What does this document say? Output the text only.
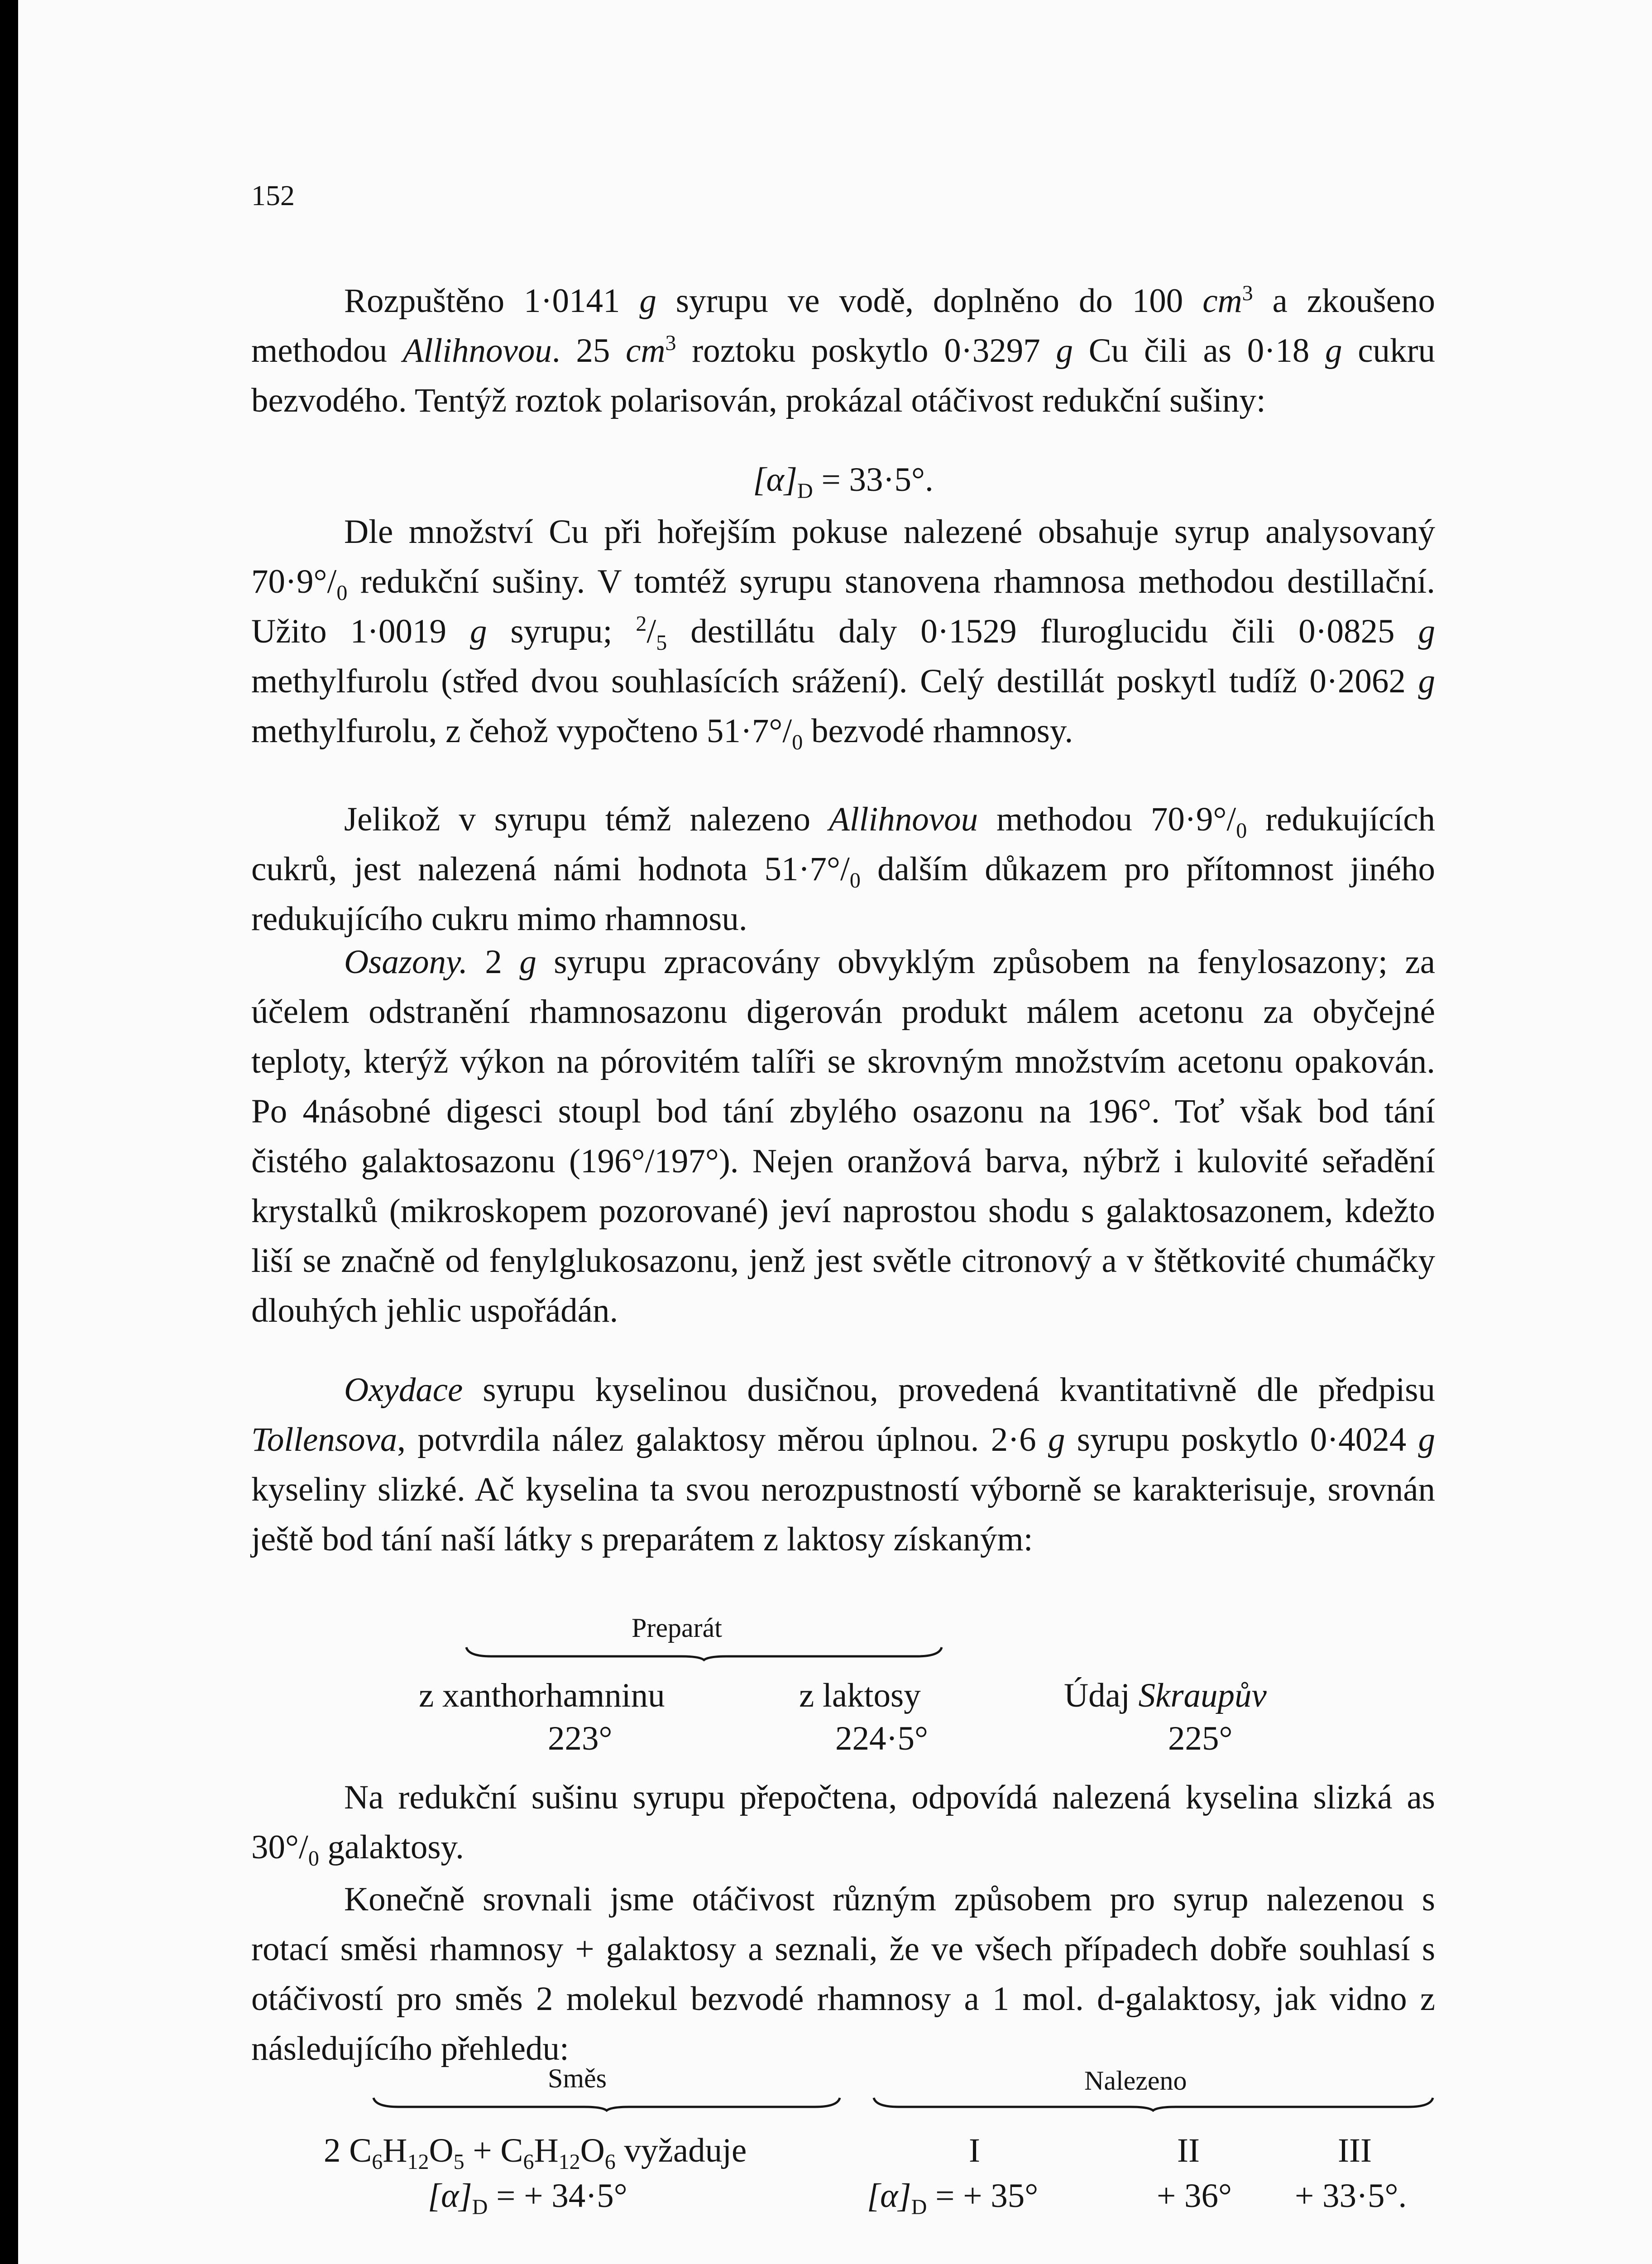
152

Rozpuštěno 1·0141 g syrupu ve vodě, doplněno do 100 $cm^3$ a zkoušeno methodou Allihnovou. 25 $cm^3$ roztoku poskytlo 0·3297 g Cu čili as 0·18 g cukru bezvodého. Tentýž roztok polarisován, prokázal otáčivost redukční sušiny:

$[\alpha]_D = 33\cdot 5^\circ$.

Dle množství Cu při hořejším pokuse nalezené obsahuje syrup analysovaný $70\cdot 9^\circ/_0$ redukční sušiny. V tomtéž syrupu stanovena rhamnosa methodou destillační. Užito 1·0019 g syrupu; $^2/_5$ destillátu daly 0·1529 fluroglucidu čili 0·0825 g methylfurolu (střed dvou souhlasících srážení). Celý destillát poskytl tudíž 0·2062 g methylfurolu, z čehož vypočteno $51\cdot 7^\circ/_0$ bezvodé rhamnosy.

Jelikož v syrupu témž nalezeno Allihnovou methodou $70\cdot 9^\circ/_0$ redukujících cukrů, jest nalezená námi hodnota $51\cdot 7^\circ/_0$ dalším důkazem pro přítomnost jiného redukujícího cukru mimo rhamnosu.

Osazony. 2 g syrupu zpracovány obvyklým způsobem na fenylosazony; za účelem odstranění rhamnosazonu digerován produkt málem acetonu za obyčejné teploty, kterýž výkon na pórovitém talíři se skrovným množstvím acetonu opakován. Po 4násobné digesci stoupl bod tání zbylého osazonu na 196°. Toť však bod tání čistého galaktosazonu (196°/197°). Nejen oranžová barva, nýbrž i kulovité seřadění krystalků (mikroskopem pozorované) jeví naprostou shodu s galaktosazonem, kdežto liší se značně od fenylglukosazonu, jenž jest světle citronový a v štětkovité chumáčky dlouhých jehlic uspořádán.

Oxydace syrupu kyselinou dusičnou, provedená kvantitativně dle předpisu Tollensova, potvrdila nález galaktosy měrou úplnou. 2·6 g syrupu poskytlo 0·4024 g kyseliny slizké. Ač kyselina ta svou nerozpustností výborně se karakterisuje, srovnán ještě bod tání naší látky s preparátem z laktosy získaným:

Preparát
z xanthorhamninu	z laktosy	Údaj Skraupův
223°	224·5°	225°

Na redukční sušinu syrupu přepočtena, odpovídá nalezená kyselina slizká as $30^\circ/_0$ galaktosy.

Konečně srovnali jsme otáčivost různým způsobem pro syrup nalezenou s rotací směsi rhamnosy + galaktosy a seznali, že ve všech případech dobře souhlasí s otáčivostí pro směs 2 molekul bezvodé rhamnosy a 1 mol. d-galaktosy, jak vidno z následujícího přehledu:

Směs	Nalezeno
2 $C_6H_{12}O_5 + C_6H_{12}O_6$ vyžaduje	I	II	III
$[\alpha]_D$ = + 34·5°	$[\alpha]_D$ = + 35°	+ 36° + 33·5°.
